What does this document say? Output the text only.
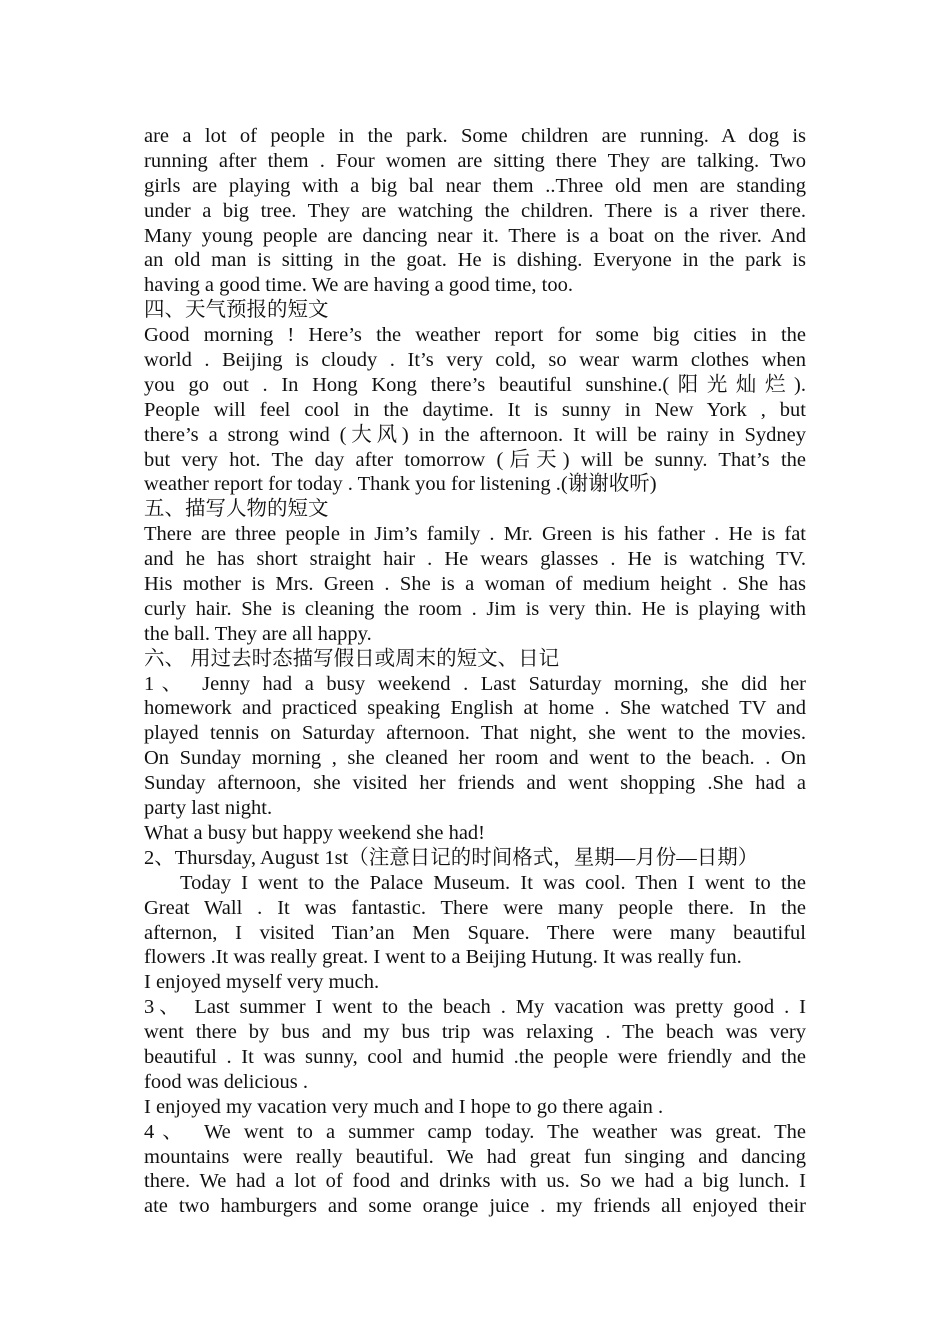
are a lot of people in the park. Some children are running. A dog is
running after them . Four women are sitting there They are talking. Two
girls are playing with a big bal near them ..Three old men are standing
under a big tree. They are watching the children. There is a river there.
Many young people are dancing near it. There is a boat on the river. And
an old man is sitting in the goat. He is dishing. Everyone in the park is
having a good time. We are having a good time, too.
四、天气预报的短文
Good morning ! Here’s the weather report for some big cities in the
world . Beijing is cloudy . It’s very cold, so wear warm clothes when
you go out . In Hong Kong there’s beautiful sunshine.(阳光灿烂).
People will feel cool in the daytime. It is sunny in New York , but
there’s a strong wind (大风) in the afternoon. It will be rainy in Sydney
but very hot. The day after tomorrow (后天) will be sunny. That’s the
weather report for today . Thank you for listening .(谢谢收听)
五、描写人物的短文
There are three people in Jim’s family . Mr. Green is his father . He is fat
and he has short straight hair . He wears glasses . He is watching TV.
His mother is Mrs. Green . She is a woman of medium height . She has
curly hair. She is cleaning the room . Jim is very thin. He is playing with
the ball. They are all happy.
六、 用过去时态描写假日或周末的短文、日记
1、 Jenny had a busy weekend . Last Saturday morning, she did her
homework and practiced speaking English at home . She watched TV and
played tennis on Saturday afternoon. That night, she went to the movies.
On Sunday morning , she cleaned her room and went to the beach. . On
Sunday afternoon, she visited her friends and went shopping .She had a
party last night.
What a busy but happy weekend she had!
2、Thursday, August 1st（注意日记的时间格式，星期—月份—日期）
Today I went to the Palace Museum. It was cool. Then I went to the
Great Wall . It was fantastic. There were many people there. In the
afternon, I visited Tian’an Men Square. There were many beautiful
flowers .It was really great. I went to a Beijing Hutung. It was really fun.
I enjoyed myself very much.
3、 Last summer I went to the beach . My vacation was pretty good . I
went there by bus and my bus trip was relaxing . The beach was very
beautiful . It was sunny, cool and humid .the people were friendly and the
food was delicious .
I enjoyed my vacation very much and I hope to go there again .
4、 We went to a summer camp today. The weather was great. The
mountains were really beautiful. We had great fun singing and dancing
there. We had a lot of food and drinks with us. So we had a big lunch. I
ate two hamburgers and some orange juice . my friends all enjoyed their
